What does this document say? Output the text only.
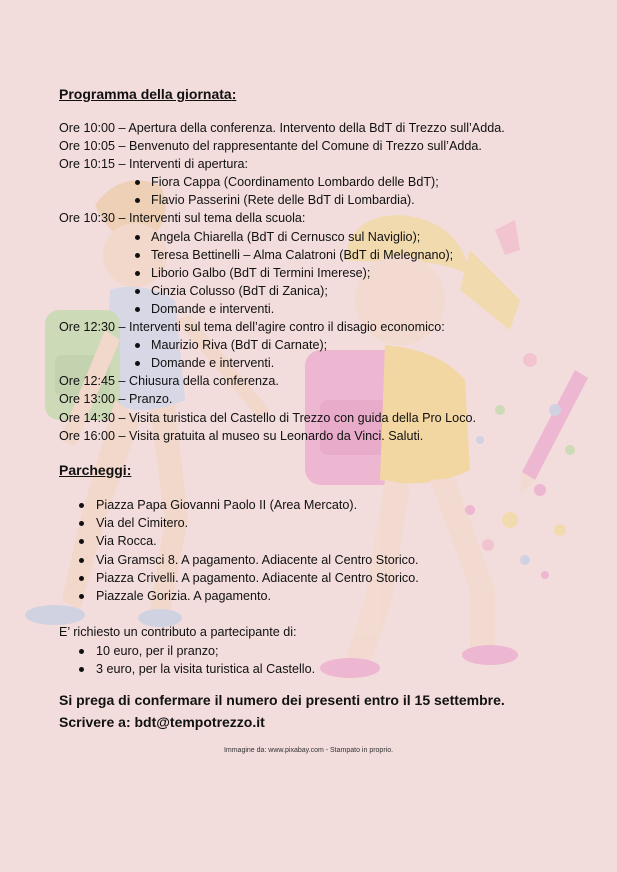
Programma della giornata:
Ore 10:00 – Apertura della conferenza. Intervento della BdT di Trezzo sull’Adda.
Ore 10:05 – Benvenuto del rappresentante del Comune di Trezzo sull’Adda.
Ore 10:15 – Interventi di apertura:
Fiora Cappa (Coordinamento Lombardo delle BdT);
Flavio Passerini (Rete delle BdT di Lombardia).
Ore 10:30 – Interventi sul tema della scuola:
Angela Chiarella (BdT di Cernusco sul Naviglio);
Teresa Bettinelli – Alma Calatroni (BdT di Melegnano);
Liborio Galbo (BdT di Termini Imerese);
Cinzia Colusso (BdT di Zanica);
Domande e interventi.
Ore 12:30 – Interventi sul tema dell’agire contro il disagio economico:
Maurizio Riva (BdT di Carnate);
Domande e interventi.
Ore 12:45 – Chiusura della conferenza.
Ore 13:00 – Pranzo.
Ore 14:30 – Visita turistica del Castello di Trezzo con guida della Pro Loco.
Ore 16:00 – Visita gratuita al museo su Leonardo da Vinci. Saluti.
Parcheggi:
Piazza Papa Giovanni Paolo II (Area Mercato).
Via del Cimitero.
Via Rocca.
Via Gramsci 8. A pagamento. Adiacente al Centro Storico.
Piazza Crivelli. A pagamento. Adiacente al Centro Storico.
Piazzale Gorizia. A pagamento.
E’ richiesto un contributo a partecipante di:
10 euro, per il pranzo;
3 euro, per la visita turistica al Castello.
Si prega di confermare il numero dei presenti entro il 15 settembre.
Scrivere a: bdt@tempotrezzo.it
Immagine da: www.pixabay.com - Stampato in proprio.
